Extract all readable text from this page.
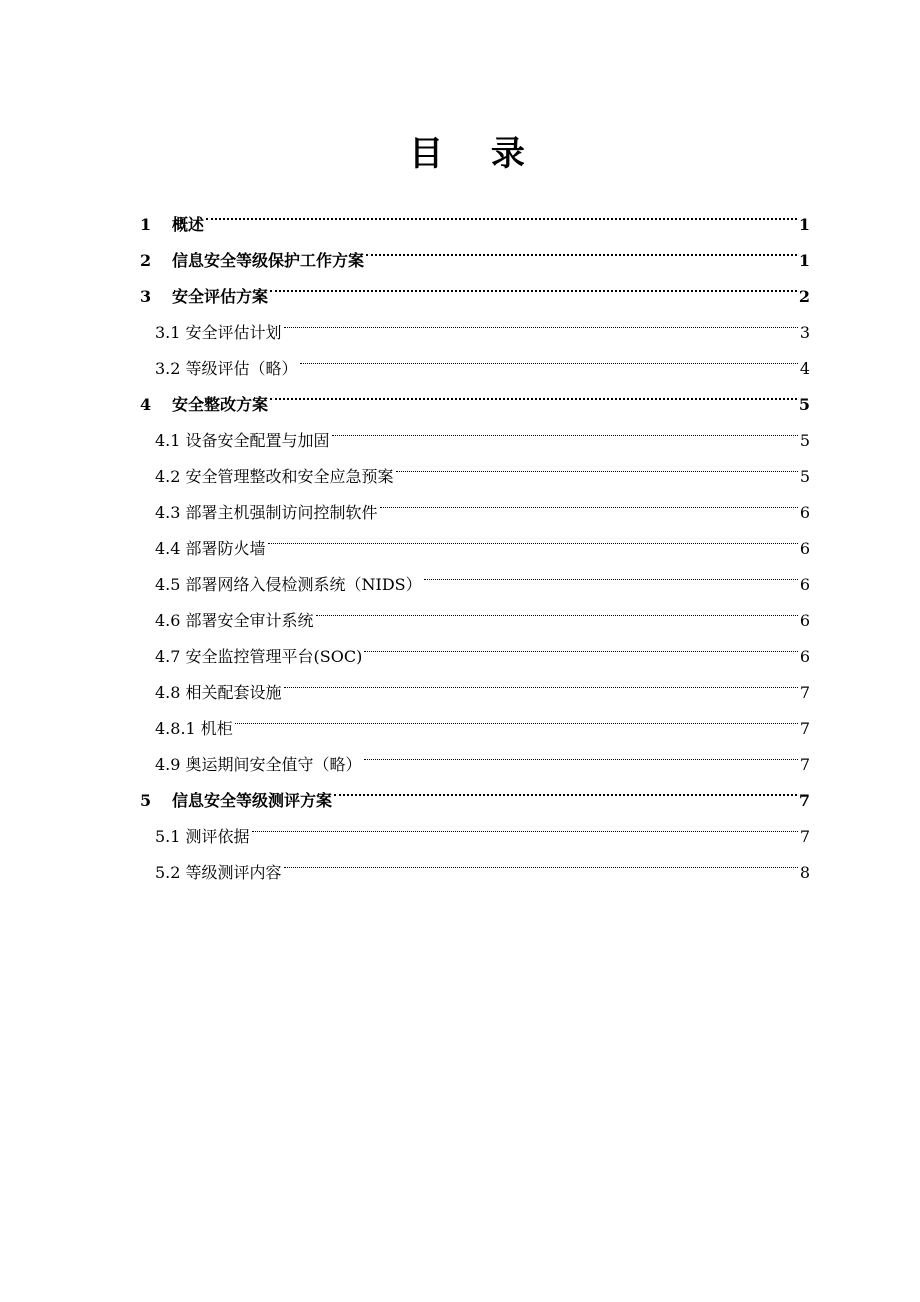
目 录
1	概述	1
2	信息安全等级保护工作方案	1
3	安全评估方案	2
3.1 安全评估计划	3
3.2 等级评估（略）	4
4	安全整改方案	5
4.1 设备安全配置与加固	5
4.2 安全管理整改和安全应急预案	5
4.3 部署主机强制访问控制软件	6
4.4 部署防火墙	6
4.5 部署网络入侵检测系统（NIDS）	6
4.6 部署安全审计系统	6
4.7 安全监控管理平台(SOC)	6
4.8 相关配套设施	7
4.8.1 机柜	7
4.9 奥运期间安全值守（略）	7
5	信息安全等级测评方案	7
5.1 测评依据	7
5.2 等级测评内容	8
